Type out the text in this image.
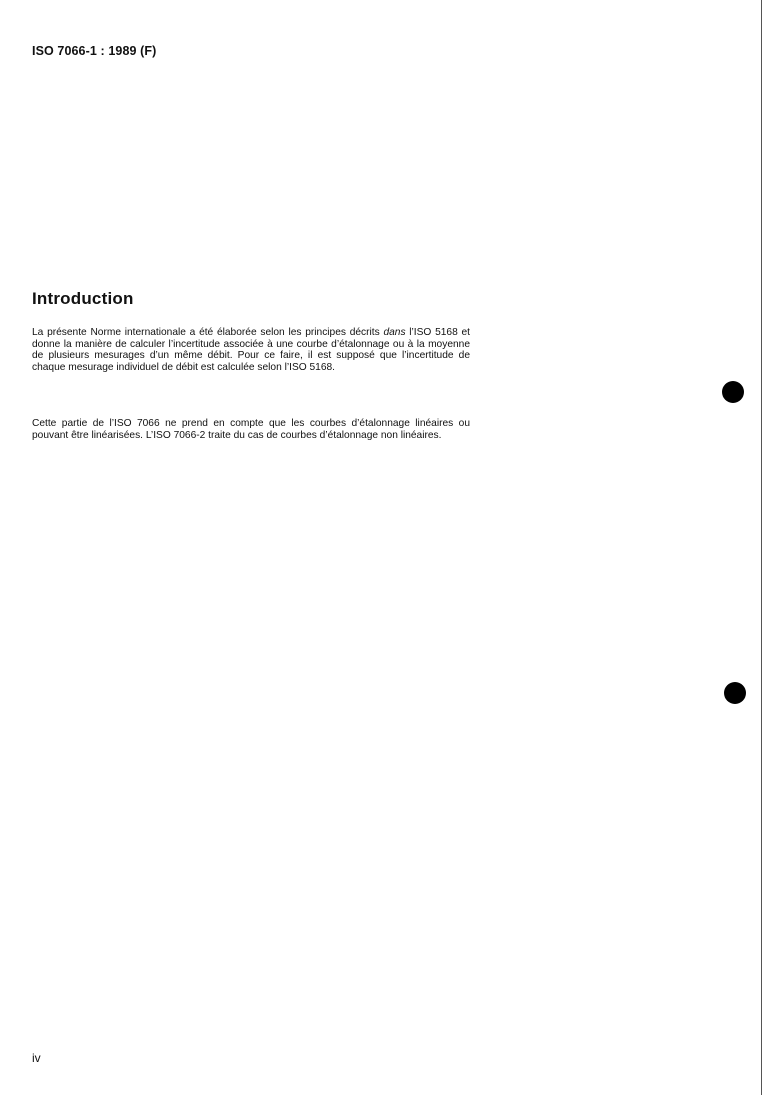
ISO 7066-1 : 1989 (F)
Introduction

La présente Norme internationale a été élaborée selon les principes décrits dans l’ISO 5168 et donne la manière de calculer l’incertitude associée à une courbe d’étalonnage ou à la moyenne de plusieurs mesurages d’un même débit. Pour ce faire, il est supposé que l’incertitude de chaque mesurage individuel de débit est calculée selon l’ISO 5168.

Cette partie de l’ISO 7066 ne prend en compte que les courbes d’étalonnage linéaires ou pouvant être linéarisées. L’ISO 7066-2 traite du cas de courbes d’étalonnage non linéaires.

iv
